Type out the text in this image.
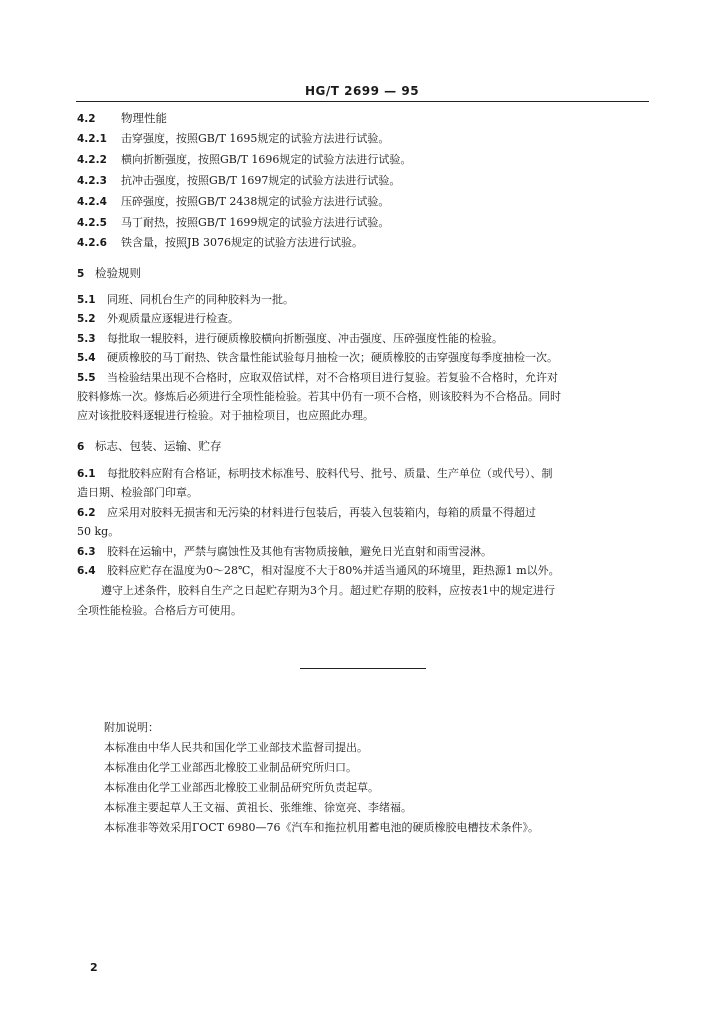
HG/T 2699 — 95
4.2 物理性能
4.2.1 击穿强度，按照GB/T 1695规定的试验方法进行试验。
4.2.2 横向折断强度，按照GB/T 1696规定的试验方法进行试验。
4.2.3 抗冲击强度，按照GB/T 1697规定的试验方法进行试验。
4.2.4 压碎强度，按照GB/T 2438规定的试验方法进行试验。
4.2.5 马丁耐热，按照GB/T 1699规定的试验方法进行试验。
4.2.6 铁含量，按照JB 3076规定的试验方法进行试验。
5 检验规则
5.1 同班、同机台生产的同种胶料为一批。
5.2 外观质量应逐辊进行检查。
5.3 每批取一辊胶料，进行硬质橡胶横向折断强度、冲击强度、压碎强度性能的检验。
5.4 硬质橡胶的马丁耐热、铁含量性能试验每月抽检一次；硬质橡胶的击穿强度每季度抽检一次。
5.5 当检验结果出现不合格时，应取双倍试样，对不合格项目进行复验。若复验不合格时，允许对
胶料修炼一次。修炼后必须进行全项性能检验。若其中仍有一项不合格，则该胶料为不合格品。同时
应对该批胶料逐辊进行检验。对于抽检项目，也应照此办理。
6 标志、包装、运输、贮存
6.1 每批胶料应附有合格证，标明技术标准号、胶料代号、批号、质量、生产单位（或代号）、制
造日期、检验部门印章。
6.2 应采用对胶料无损害和无污染的材料进行包装后，再装入包装箱内，每箱的质量不得超过
50 kg。
6.3 胶料在运输中，严禁与腐蚀性及其他有害物质接触，避免日光直射和雨雪浸淋。
6.4 胶料应贮存在温度为0～28℃，相对湿度不大于80%并适当通风的环境里，距热源1 m以外。
遵守上述条件，胶料自生产之日起贮存期为3个月。超过贮存期的胶料，应按表1中的规定进行
全项性能检验。合格后方可使用。
附加说明：
本标准由中华人民共和国化学工业部技术监督司提出。
本标准由化学工业部西北橡胶工业制品研究所归口。
本标准由化学工业部西北橡胶工业制品研究所负责起草。
本标准主要起草人王文福、黄祖长、张维维、徐宽亮、李绪福。
本标准非等效采用ГОСТ 6980—76《汽车和拖拉机用蓄电池的硬质橡胶电槽技术条件》。
2
